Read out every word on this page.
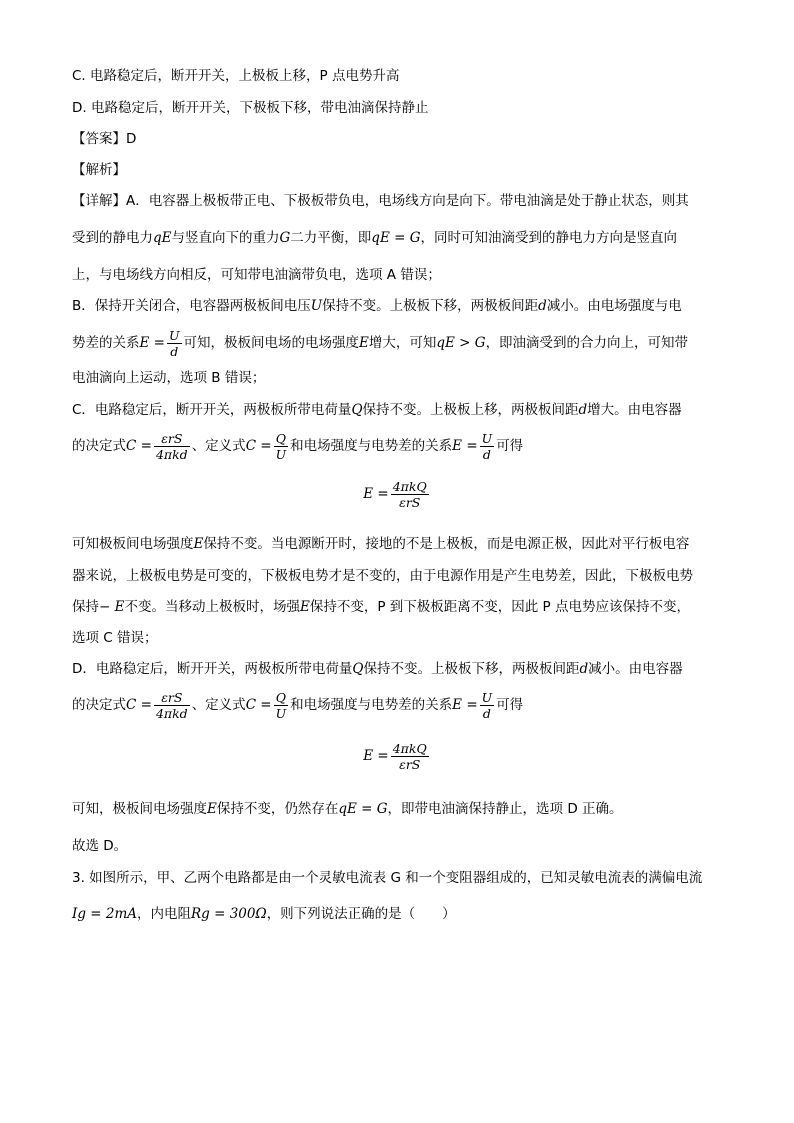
C. 电路稳定后，断开开关，上极板上移，P 点电势升高
D. 电路稳定后，断开开关，下极板下移，带电油滴保持静止
【答案】D
【解析】
【详解】A．电容器上极板带正电、下极板带负电，电场线方向是向下。带电油滴是处于静止状态，则其
受到的静电力qE与竖直向下的重力G二力平衡，即qE = G，同时可知油滴受到的静电力方向是竖直向
上，与电场线方向相反，可知带电油滴带负电，选项 A 错误；
B．保持开关闭合，电容器两极板间电压U保持不变。上极板下移，两极板间距d减小。由电场强度与电
势差的关系$E = \frac{U}{d}$ 可知，极板间电场的电场强度E增大，可知qE > G，即油滴受到的合力向上，可知带
电油滴向上运动，选项 B 错误；
C．电路稳定后，断开开关，两极板所带电荷量Q保持不变。上极板上移，两极板间距d增大。由电容器
的决定式$C = \frac{\text{εrS}}{\text{4πkd}}$ 、定义式$C = \frac{Q}{U}$ 和电场强度与电势差的关系$E = \frac{U}{d}$ 可得
$E = \frac{\text{4πkQ}}{\text{εrS}}$
可知极板间电场强度E保持不变。当电源断开时，接地的不是上极板，而是电源正极，因此对平行板电容
器来说，上极板电势是可变的，下极板电势才是不变的，由于电源作用是产生电势差，因此，下极板电势
保持− E不变。当移动上极板时，场强E保持不变，P 到下极板距离不变，因此 P 点电势应该保持不变，
选项 C 错误；
D．电路稳定后，断开开关，两极板所带电荷量Q保持不变。上极板下移，两极板间距d减小。由电容器
的决定式$C = \frac{\text{εrS}}{\text{4πkd}}$ 、定义式$C = \frac{Q}{U}$ 和电场强度与电势差的关系$E = \frac{U}{d}$ 可得
$E = \frac{\text{4πkQ}}{\text{εrS}}$
可知，极板间电场强度E保持不变，仍然存在qE = G，即带电油滴保持静止，选项 D 正确。
故选 D。
3. 如图所示，甲、乙两个电路都是由一个灵敏电流表 G 和一个变阻器组成的，已知灵敏电流表的满偏电流
Ig = 2mA，内电阻Rg = 300Ω，则下列说法正确的是（　　）
